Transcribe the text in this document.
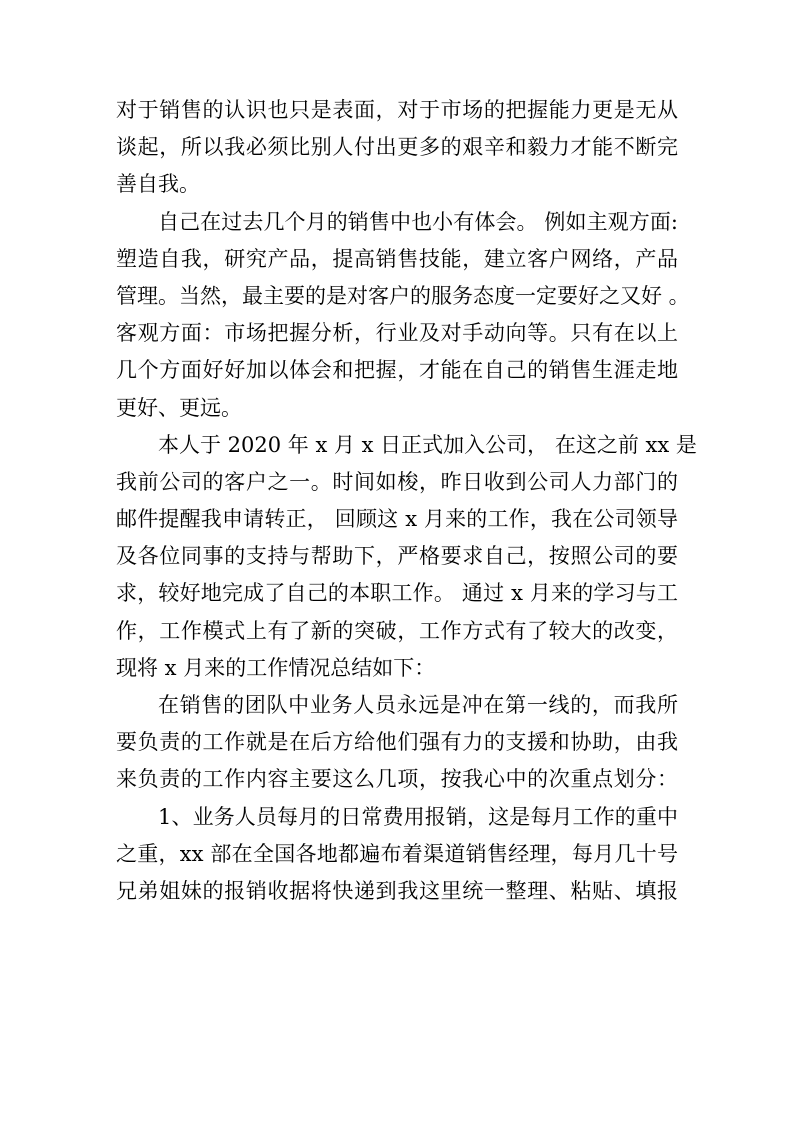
对于销售的认识也只是表面，对于市场的把握能力更是无从
谈起，所以我必须比别人付出更多的艰辛和毅力才能不断完
善自我。
自己在过去几个月的销售中也小有体会。 例如主观方面:
塑造自我，研究产品，提高销售技能，建立客户网络，产品
管理。当然，最主要的是对客户的服务态度一定要好之又好 。
客观方面：市场把握分析，行业及对手动向等。只有在以上
几个方面好好加以体会和把握，才能在自己的销售生涯走地
更好、更远。
本人于 2020 年 x 月 x 日正式加入公司， 在这之前 xx 是
我前公司的客户之一。时间如梭，昨日收到公司人力部门的
邮件提醒我申请转正， 回顾这 x 月来的工作，我在公司领导
及各位同事的支持与帮助下，严格要求自己，按照公司的要
求，较好地完成了自己的本职工作。 通过 x 月来的学习与工
作，工作模式上有了新的突破，工作方式有了较大的改变，
现将 x 月来的工作情况总结如下：
在销售的团队中业务人员永远是冲在第一线的，而我所
要负责的工作就是在后方给他们强有力的支援和协助，由我
来负责的工作内容主要这么几项，按我心中的次重点划分：
1、业务人员每月的日常费用报销，这是每月工作的重中
之重，xx 部在全国各地都遍布着渠道销售经理，每月几十号
兄弟姐妹的报销收据将快递到我这里统一整理、粘贴、填报
